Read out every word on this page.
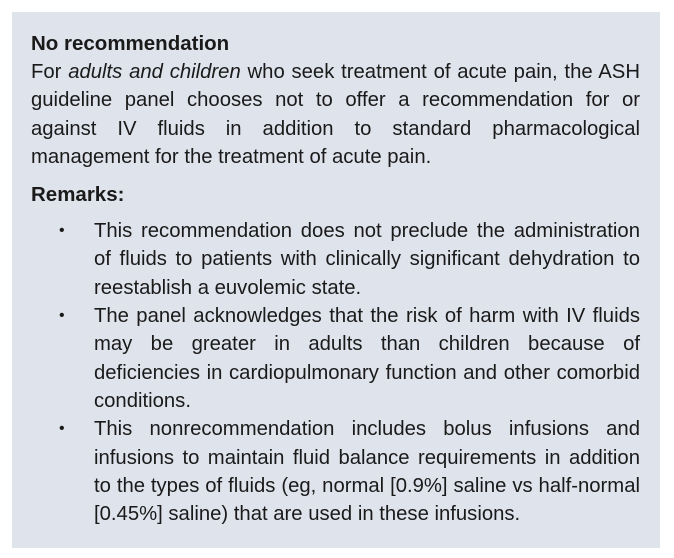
No recommendation

For adults and children who seek treatment of acute pain, the ASH guideline panel chooses not to offer a recommendation for or against IV fluids in addition to standard pharmacological management for the treatment of acute pain.

Remarks:

• This recommendation does not preclude the administration of fluids to patients with clinically significant dehydration to reestablish a euvolemic state.
• The panel acknowledges that the risk of harm with IV fluids may be greater in adults than children because of deficiencies in cardiopulmonary function and other comorbid conditions.
• This nonrecommendation includes bolus infusions and infusions to maintain fluid balance requirements in addition to the types of fluids (eg, normal [0.9%] saline vs half-normal [0.45%] saline) that are used in these infusions.
